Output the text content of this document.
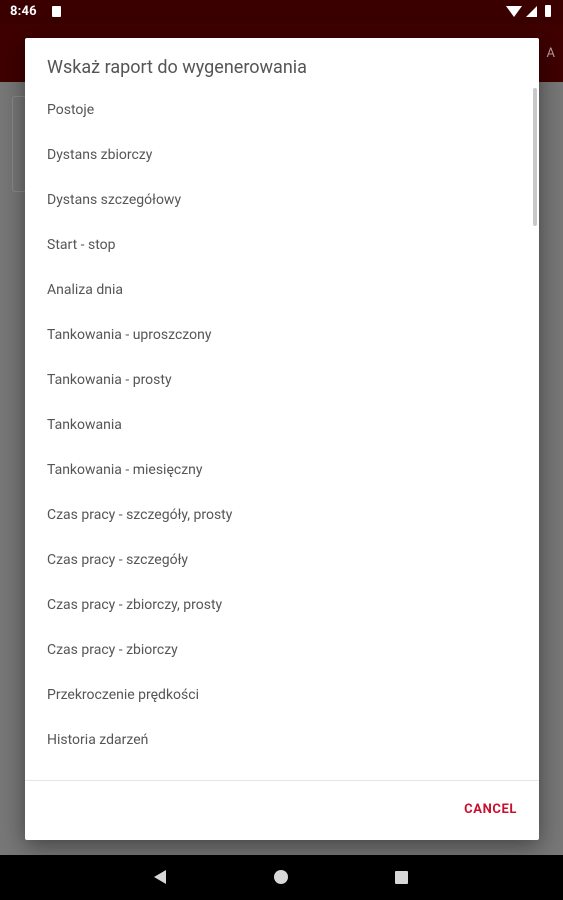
8:46
A
Wskaż raport do wygenerowania
Postoje
Dystans zbiorczy
Dystans szczegółowy
Start - stop
Analiza dnia
Tankowania - uproszczony
Tankowania - prosty
Tankowania
Tankowania - miesięczny
Czas pracy - szczegóły, prosty
Czas pracy - szczegóły
Czas pracy - zbiorczy, prosty
Czas pracy - zbiorczy
Przekroczenie prędkości
Historia zdarzeń
CANCEL
